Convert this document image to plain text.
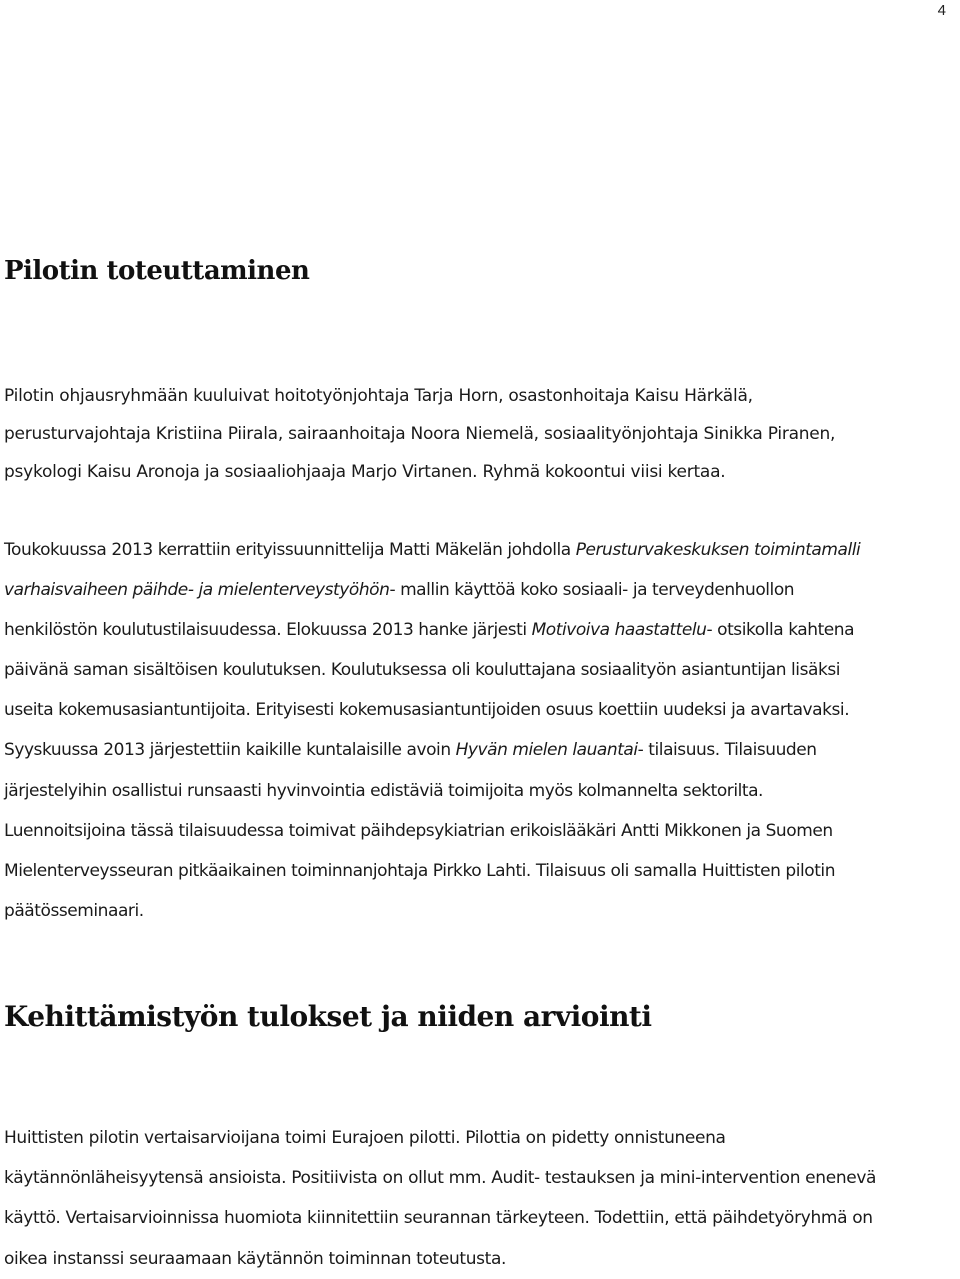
4
Pilotin toteuttaminen

Pilotin ohjausryhmään kuuluivat hoitotyönjohtaja Tarja Horn, osastonhoitaja Kaisu Härkälä,
perusturvajohtaja Kristiina Piirala, sairaanhoitaja Noora Niemelä, sosiaalityönjohtaja Sinikka Piranen,
psykologi Kaisu Aronoja ja sosiaaliohjaaja Marjo Virtanen. Ryhmä kokoontui viisi kertaa.

Toukokuussa 2013 kerrattiin erityissuunnittelija Matti Mäkelän johdolla Perusturvakeskuksen toimintamalli
varhaisvaiheen päihde- ja mielenterveystyöhön- mallin käyttöä koko sosiaali- ja terveydenhuollon
henkilöstön koulutustilaisuudessa. Elokuussa 2013 hanke järjesti Motivoiva haastattelu- otsikolla kahtena
päivänä saman sisältöisen koulutuksen. Koulutuksessa oli kouluttajana sosiaalityön asiantuntijan lisäksi
useita kokemusasiantuntijoita. Erityisesti kokemusasiantuntijoiden osuus koettiin uudeksi ja avartavaksi.
Syyskuussa 2013 järjestettiin kaikille kuntalaisille avoin Hyvän mielen lauantai- tilaisuus. Tilaisuuden
järjestelyihin osallistui runsaasti hyvinvointia edistäviä toimijoita myös kolmannelta sektorilta.
Luennoitsijoina tässä tilaisuudessa toimivat päihdepsykiatrian erikoislääkäri Antti Mikkonen ja Suomen
Mielenterveysseuran pitkäaikainen toiminnanjohtaja Pirkko Lahti. Tilaisuus oli samalla Huittisten pilotin
päätösseminaari.

Kehittämistyön tulokset ja niiden arviointi

Huittisten pilotin vertaisarvioijana toimi Eurajoen pilotti. Pilottia on pidetty onnistuneena
käytännönläheisyytensä ansioista. Positiivista on ollut mm. Audit- testauksen ja mini-intervention enenevä
käyttö. Vertaisarvioinnissa huomiota kiinnitettiin seurannan tärkeyteen. Todettiin, että päihdetyöryhmä on
oikea instanssi seuraamaan käytännön toiminnan toteutusta.
